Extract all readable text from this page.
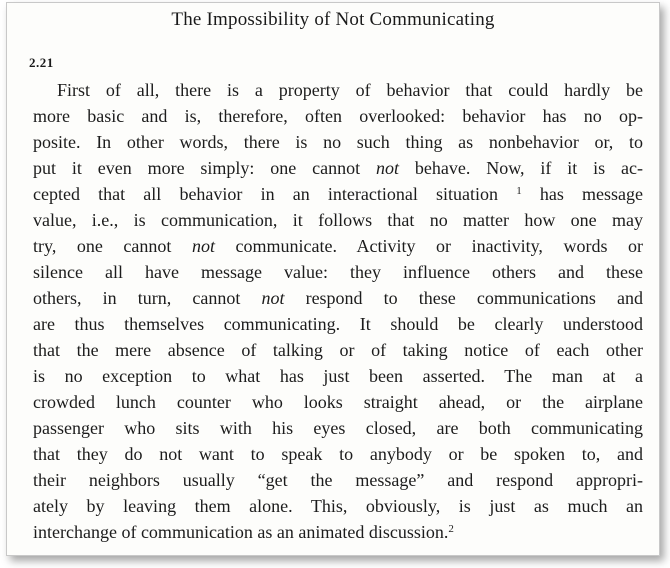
The Impossibility of Not Communicating
2.21
First of all, there is a property of behavior that could hardly be
more basic and is, therefore, often overlooked: behavior has no op-
posite. In other words, there is no such thing as nonbehavior or, to
put it even more simply: one cannot not behave. Now, if it is ac-
cepted that all behavior in an interactional situation $^1$ has message
value, i.e., is communication, it follows that no matter how one may
try, one cannot not communicate. Activity or inactivity, words or
silence all have message value: they influence others and these
others, in turn, cannot not respond to these communications and
are thus themselves communicating. It should be clearly understood
that the mere absence of talking or of taking notice of each other
is no exception to what has just been asserted. The man at a
crowded lunch counter who looks straight ahead, or the airplane
passenger who sits with his eyes closed, are both communicating
that they do not want to speak to anybody or be spoken to, and
their neighbors usually “get the message” and respond appropri-
ately by leaving them alone. This, obviously, is just as much an
interchange of communication as an animated discussion.$^2$
